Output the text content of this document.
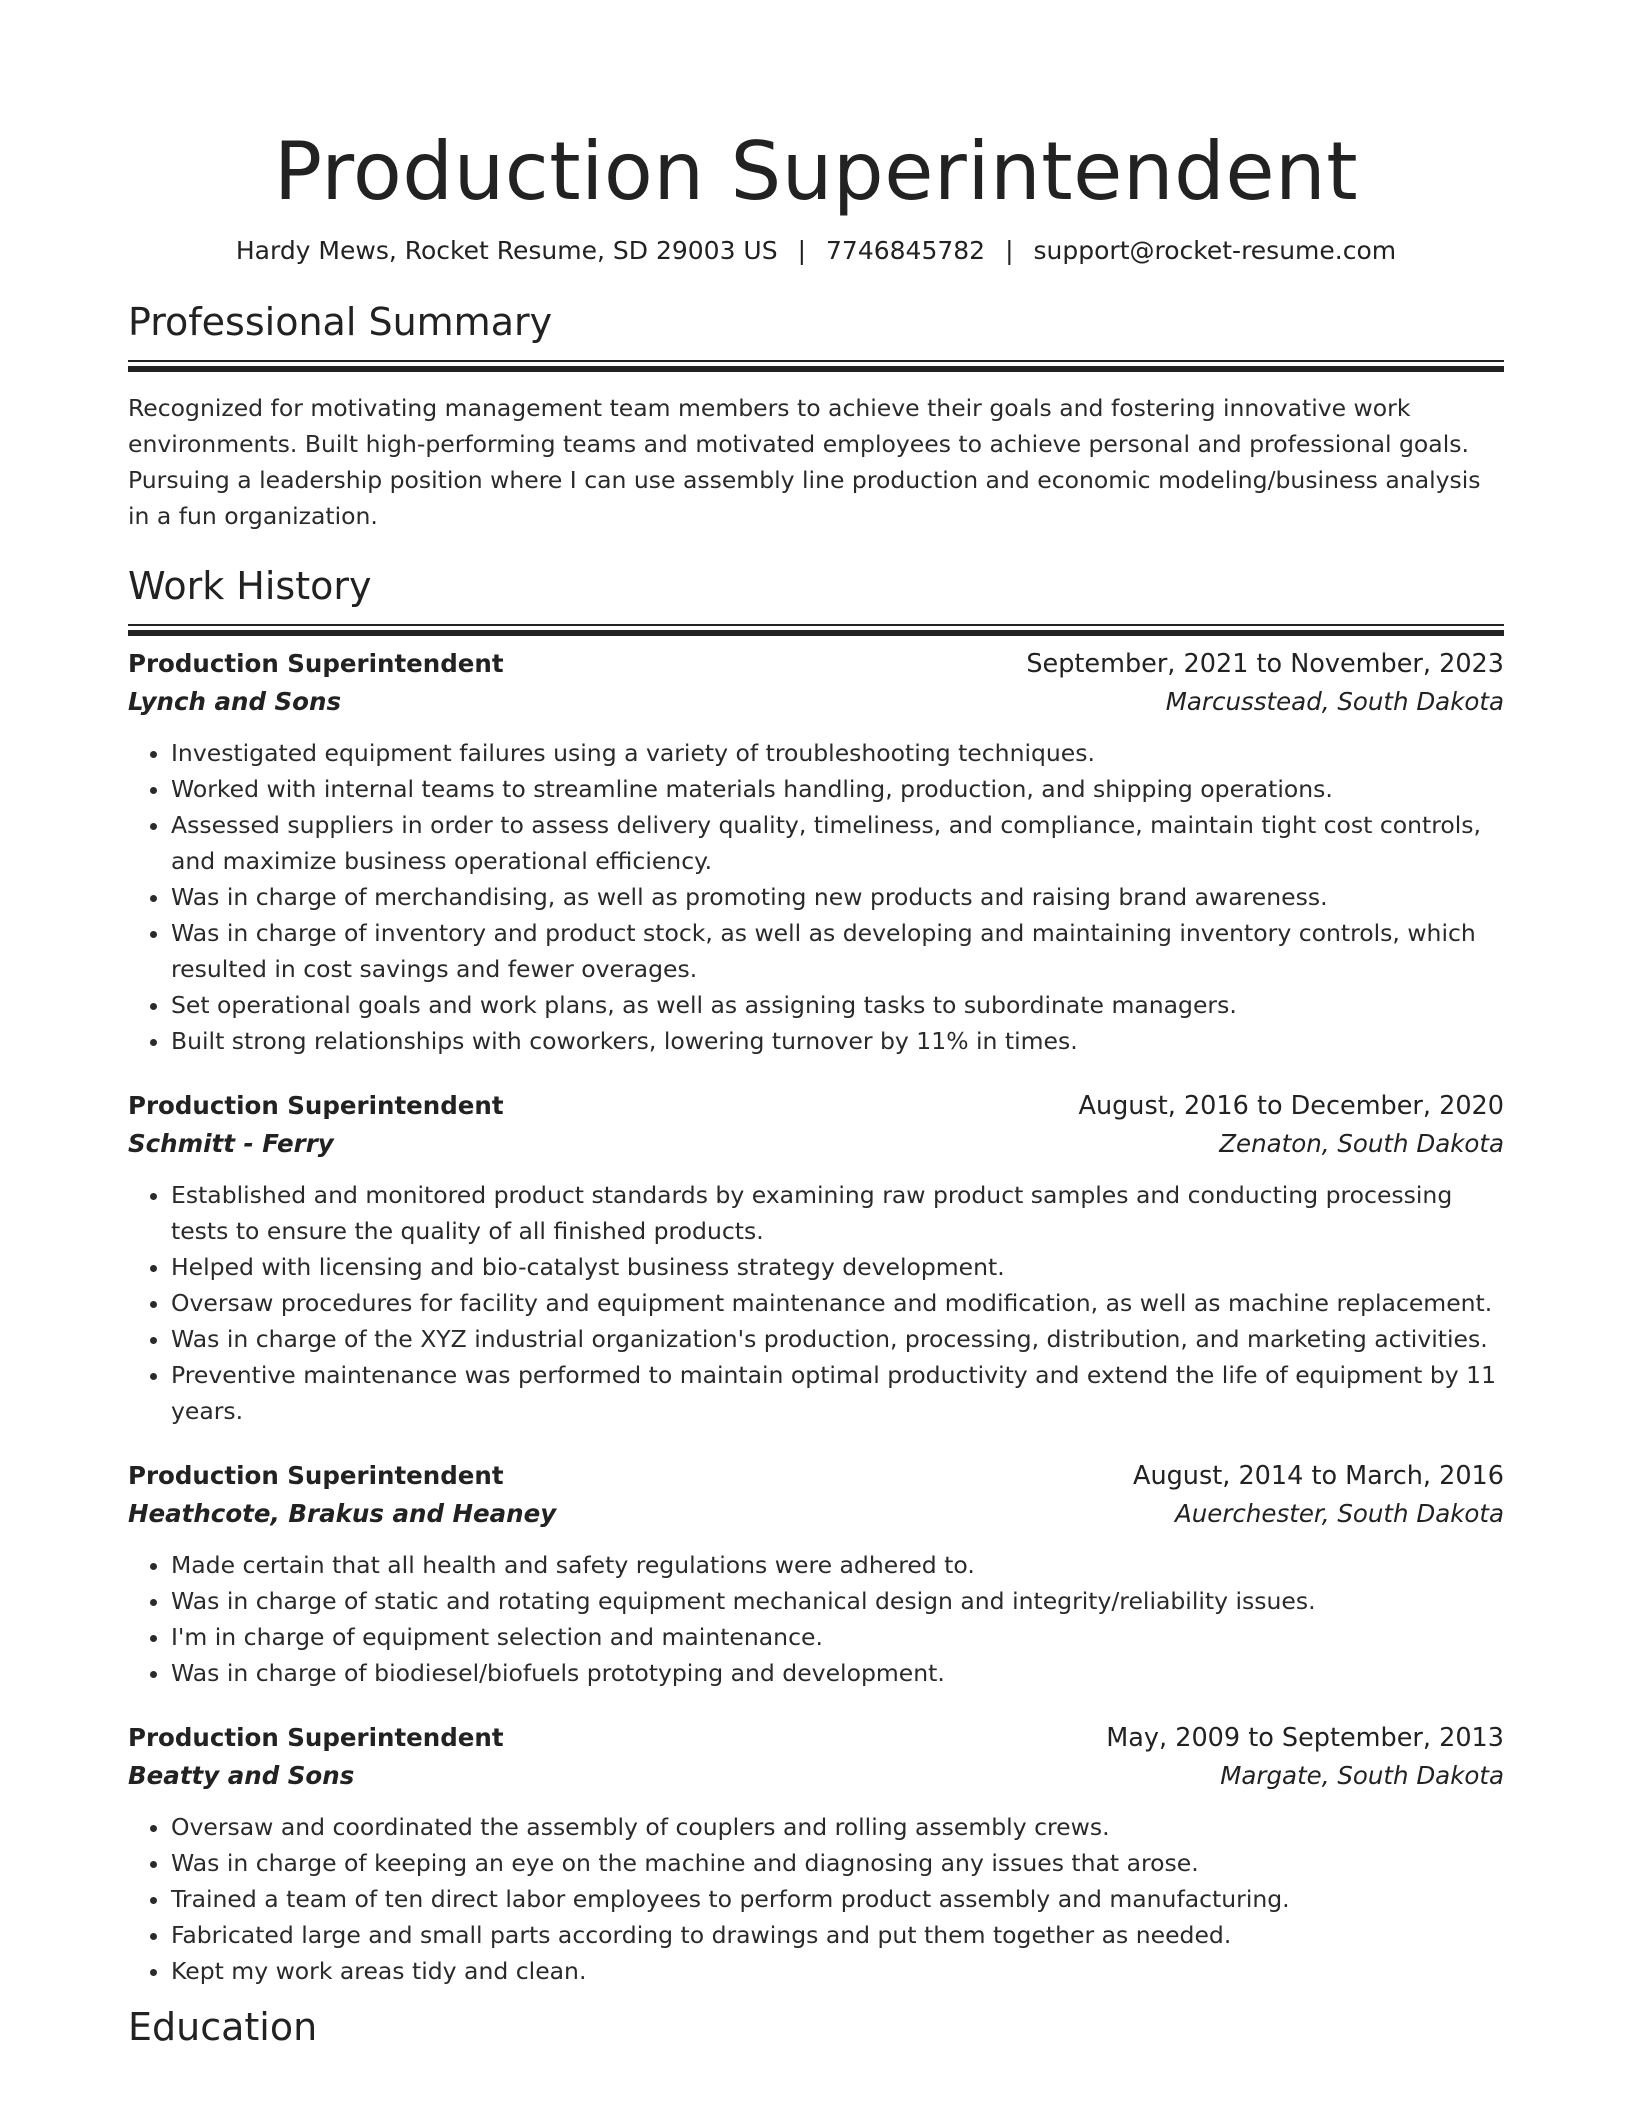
Production Superintendent
Hardy Mews, Rocket Resume, SD 29003 US | 7746845782 | support@rocket-resume.com
Professional Summary

Recognized for motivating management team members to achieve their goals and fostering innovative work environments. Built high-performing teams and motivated employees to achieve personal and professional goals. Pursuing a leadership position where I can use assembly line production and economic modeling/business analysis in a fun organization.

Work History
Production Superintendent	September, 2021 to November, 2023
Lynch and Sons	Marcusstead, South Dakota
• Investigated equipment failures using a variety of troubleshooting techniques.
• Worked with internal teams to streamline materials handling, production, and shipping operations.
• Assessed suppliers in order to assess delivery quality, timeliness, and compliance, maintain tight cost controls, and maximize business operational efficiency.
• Was in charge of merchandising, as well as promoting new products and raising brand awareness.
• Was in charge of inventory and product stock, as well as developing and maintaining inventory controls, which resulted in cost savings and fewer overages.
• Set operational goals and work plans, as well as assigning tasks to subordinate managers.
• Built strong relationships with coworkers, lowering turnover by 11% in times.
Production Superintendent	August, 2016 to December, 2020
Schmitt - Ferry	Zenaton, South Dakota
• Established and monitored product standards by examining raw product samples and conducting processing tests to ensure the quality of all finished products.
• Helped with licensing and bio-catalyst business strategy development.
• Oversaw procedures for facility and equipment maintenance and modification, as well as machine replacement.
• Was in charge of the XYZ industrial organization's production, processing, distribution, and marketing activities.
• Preventive maintenance was performed to maintain optimal productivity and extend the life of equipment by 11 years.
Production Superintendent	August, 2014 to March, 2016
Heathcote, Brakus and Heaney	Auerchester, South Dakota
• Made certain that all health and safety regulations were adhered to.
• Was in charge of static and rotating equipment mechanical design and integrity/reliability issues.
• I'm in charge of equipment selection and maintenance.
• Was in charge of biodiesel/biofuels prototyping and development.
Production Superintendent	May, 2009 to September, 2013
Beatty and Sons	Margate, South Dakota
• Oversaw and coordinated the assembly of couplers and rolling assembly crews.
• Was in charge of keeping an eye on the machine and diagnosing any issues that arose.
• Trained a team of ten direct labor employees to perform product assembly and manufacturing.
• Fabricated large and small parts according to drawings and put them together as needed.
• Kept my work areas tidy and clean.
Education
